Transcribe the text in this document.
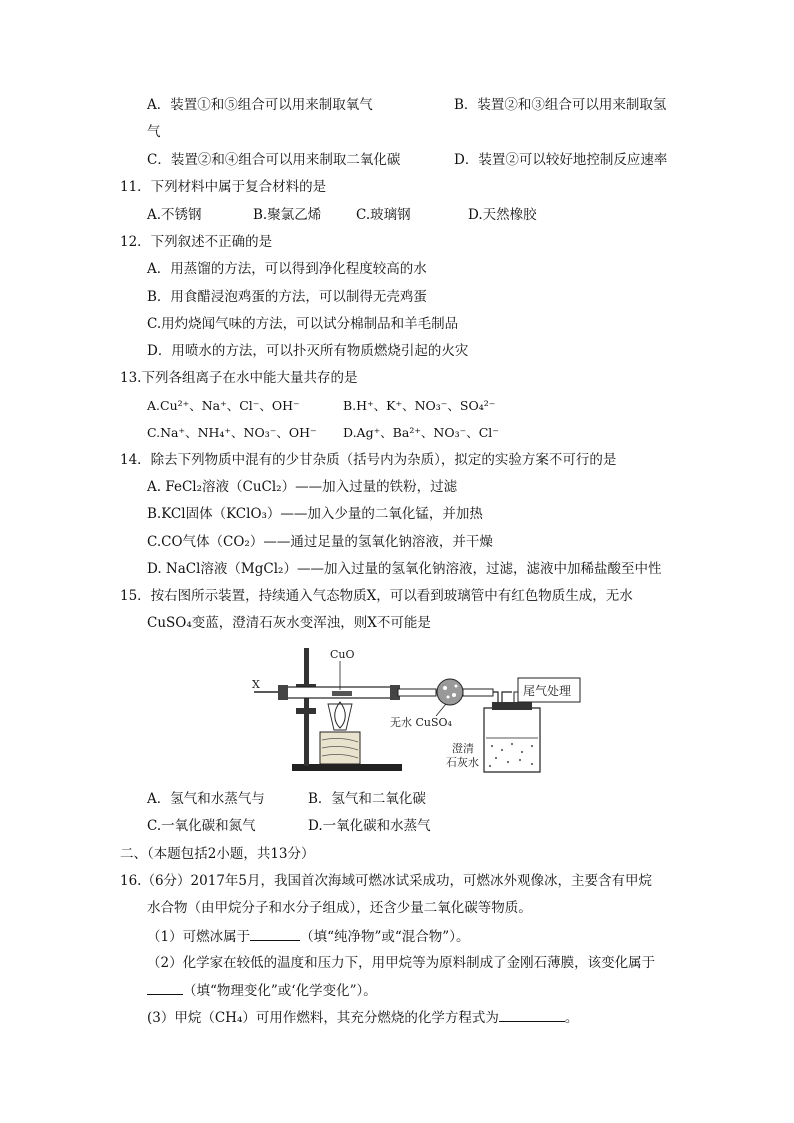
A．装置①和⑤组合可以用来制取氧气	B．装置②和③组合可以用来制取氢
气
C．装置②和④组合可以用来制取二氧化碳	D．装置②可以较好地控制反应速率
11．下列材料中属于复合材料的是
A.不锈钢	B.聚氯乙烯	C.玻璃钢	D.天然橡胶
12．下列叙述不正确的是
A．用蒸馏的方法，可以得到净化程度较高的水
B．用食醋浸泡鸡蛋的方法，可以制得无壳鸡蛋
C.用灼烧闻气味的方法，可以试分棉制品和羊毛制品
D．用喷水的方法，可以扑灭所有物质燃烧引起的火灾
13.下列各组离子在水中能大量共存的是
A.Cu²⁺、Na⁺、Cl⁻、OH⁻	B.H⁺、K⁺、NO₃⁻、SO₄²⁻
C.Na⁺、NH₄⁺、NO₃⁻、OH⁻ D.Ag⁺、Ba²⁺、NO₃⁻、Cl⁻
14．除去下列物质中混有的少甘杂质（括号内为杂质），拟定的实验方案不可行的是
A. FeCl₂溶液（CuCl₂）——加入过量的铁粉，过滤
B.KCl固体（KClO₃）——加入少量的二氧化锰，并加热
C.CO气体（CO₂）——通过足量的氢氧化钠溶液，并干燥
D. NaCl溶液（MgCl₂）——加入过量的氢氧化钠溶液，过滤，滤液中加稀盐酸至中性
15．按右图所示装置，持续通入气态物质X，可以看到玻璃管中有红色物质生成，无水
CuSO₄变蓝，澄清石灰水变浑浊，则X不可能是
X
CuO
无水 CuSO₄
澄清
石灰水
尾气处理
A．氢气和水蒸气与	B．氢气和二氧化碳
C.一氧化碳和氮气	D.一氧化碳和水蒸气
二、（本题包括2小题，共13分）
16.（6分）2017年5月，我国首次海域可燃冰试采成功，可燃冰外观像冰，主要含有甲烷
水合物（由甲烷分子和水分子组成），还含少量二氧化碳等物质。
（1）可燃冰属于	（填“纯净物”或“混合物”）。
（2）化学家在较低的温度和压力下，用甲烷等为原料制成了金刚石薄膜，该变化属于
（填“物理变化”或‘化学变化”）。
(3）甲烷（CH₄）可用作燃料，其充分燃烧的化学方程式为	。
